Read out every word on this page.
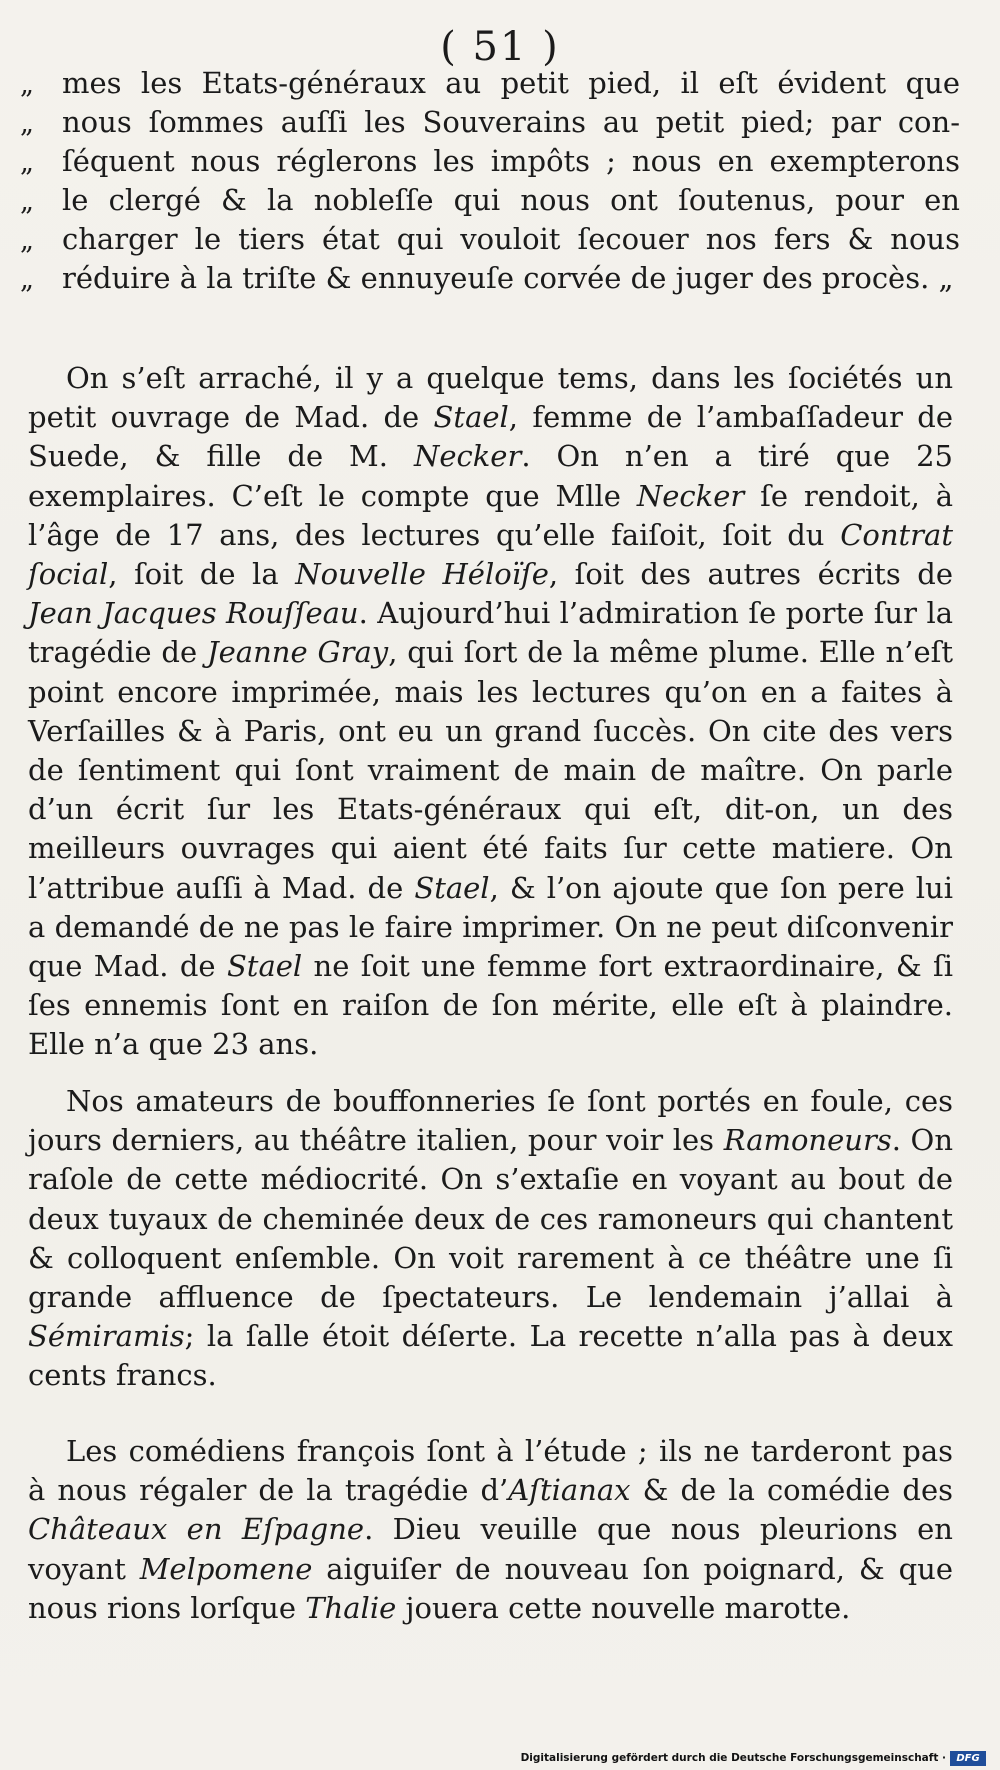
( 51 )
„ mes les Etats-généraux au petit pied, il eſt évident que
„ nous ſommes auſſi les Souverains au petit pied; par con-
„ ſéquent nous réglerons les impôts ; nous en exempterons
„ le clergé & la nobleſſe qui nous ont ſoutenus, pour en
„ charger le tiers état qui vouloit ſecouer nos fers & nous
„ réduire à la triſte & ennuyeuſe corvée de juger des procès. „

On s’eſt arraché, il y a quelque tems, dans les ſociétés un petit ouvrage de Mad. de Stael, femme de l’ambaſſadeur de Suede, & fille de M. Necker. On n’en a tiré que 25 exemplaires. C’eſt le compte que Mlle Necker ſe rendoit, à l’âge de 17 ans, des lectures qu’elle faiſoit, ſoit du Contrat ſocial, ſoit de la Nouvelle Héloïſe, ſoit des autres écrits de Jean Jacques Rouſſeau. Aujourd’hui l’admiration ſe porte ſur la tragédie de Jeanne Gray, qui ſort de la même plume. Elle n’eſt point encore imprimée, mais les lectures qu’on en a faites à Verſailles & à Paris, ont eu un grand ſuccès. On cite des vers de ſentiment qui ſont vraiment de main de maître. On parle d’un écrit ſur les Etats-généraux qui eſt, dit-on, un des meilleurs ouvrages qui aient été faits ſur cette matiere. On l’attribue auſſi à Mad. de Stael, & l’on ajoute que ſon pere lui a demandé de ne pas le faire imprimer. On ne peut diſconvenir que Mad. de Stael ne ſoit une femme fort extraordinaire, & ſi ſes ennemis ſont en raiſon de ſon mérite, elle eſt à plaindre. Elle n’a que 23 ans.

Nos amateurs de bouffonneries ſe ſont portés en foule, ces jours derniers, au théâtre italien, pour voir les Ramoneurs. On raſole de cette médiocrité. On s’extaſie en voyant au bout de deux tuyaux de cheminée deux de ces ramoneurs qui chantent & colloquent enſemble. On voit rarement à ce théâtre une ſi grande affluence de ſpectateurs. Le lendemain j’allai à Sémiramis; la ſalle étoit déſerte. La recette n’alla pas à deux cents francs.

Les comédiens françois ſont à l’étude ; ils ne tarderont pas à nous régaler de la tragédie d’Aſtianax & de la comédie des Châteaux en Eſpagne. Dieu veuille que nous pleurions en voyant Melpomene aiguiſer de nouveau ſon poignard, & que nous rions lorſque Thalie jouera cette nouvelle marotte.

Digitalisierung gefördert durch die Deutsche Forschungsgemeinschaft ·	DFG
